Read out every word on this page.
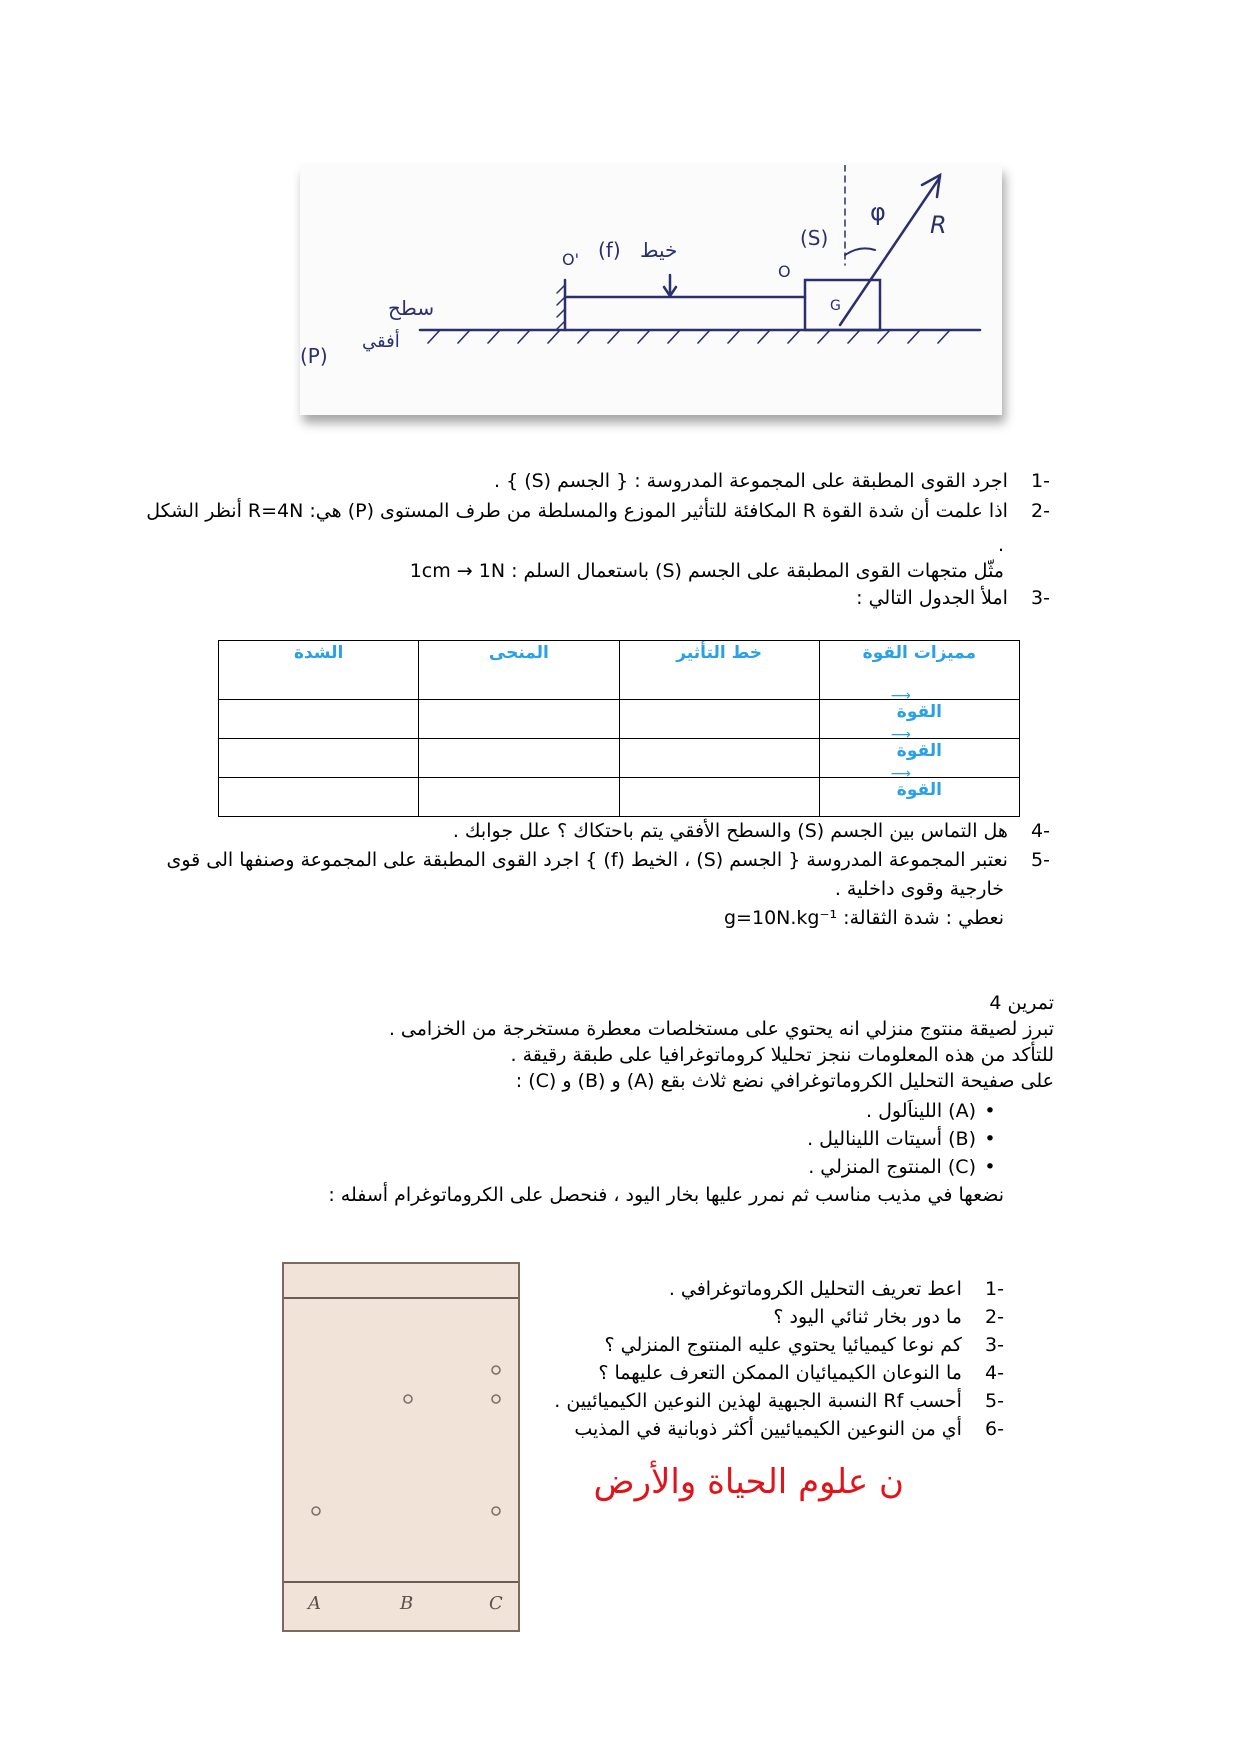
سطح
أفقي
(P)
خيط
(f)
O'
O
(S)
G
φ R
-1 اجرد القوى المطبقة على المجموعة المدروسة : { الجسم (S) } .
-2 اذا علمت أن شدة القوة R المكافئة للتأثير الموزع والمسلطة من طرف المستوى (P) هي: R=4N أنظر الشكل
.
مثّل متجهات القوى المطبقة على الجسم (S) باستعمال السلم : 1cm → 1N
-3 املأ الجدول التالي :
مميزات القوة	خط التأثير	المنحى	الشدة
⟶ القوة			
⟶ القوة			
⟶ القوة			
-4 هل التماس بين الجسم (S) والسطح الأفقي يتم باحتكاك ؟ علل جوابك .
-5 نعتبر المجموعة المدروسة { الجسم (S) ، الخيط (f) } اجرد القوى المطبقة على المجموعة وصنفها الى قوى
خارجية وقوى داخلية .
نعطي : شدة الثقالة: g=10N.kg⁻¹
تمرين 4
تبرز لصيقة منتوج منزلي انه يحتوي على مستخلصات معطرة مستخرجة من الخزامى .
للتأكد من هذه المعلومات ننجز تحليلا كروماتوغرافيا على طبقة رقيقة .
على صفيحة التحليل الكروماتوغرافي نضع ثلاث بقع (A) و (B) و (C) :
•(A) الليناَلول .
•(B) أسيتات الليناليل .
•(C) المنتوج المنزلي .
نضعها في مذيب مناسب ثم نمرر عليها بخار اليود ، فنحصل على الكروماتوغرام أسفله :
A	B	C
-1 اعط تعريف التحليل الكروماتوغرافي .
-2 ما دور بخار ثنائي اليود ؟
-3 كم نوعا كيميائيا يحتوي عليه المنتوج المنزلي ؟
-4 ما النوعان الكيميائيان الممكن التعرف عليهما ؟
-5 أحسب Rf النسبة الجبهية لهذين النوعين الكيميائيين .
-6 أي من النوعين الكيميائيين أكثر ذوبانية في المذيب
ن علوم الحياة والأرض
